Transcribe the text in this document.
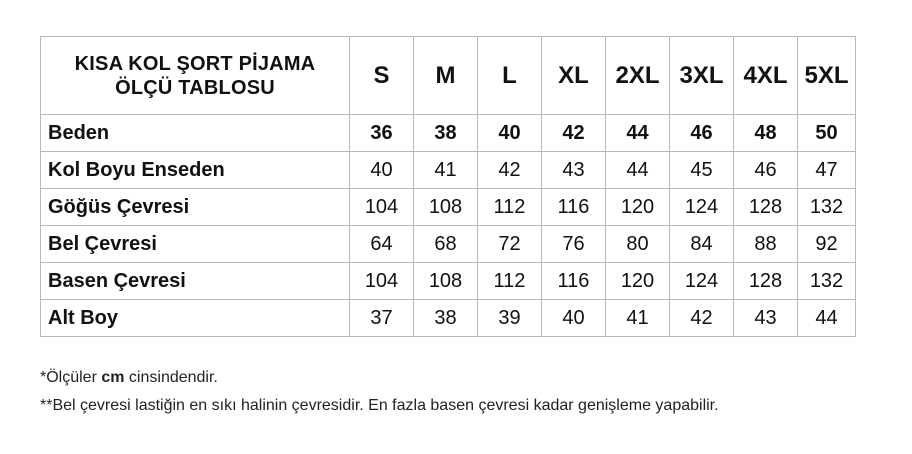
KISA KOL ŞORT PİJAMA
ÖLÇÜ TABLOSU	S	M	L	XL	2XL	3XL	4XL	5XL
Beden	36	38	40	42	44	46	48	50
Kol Boyu Enseden	40	41	42	43	44	45	46	47
Göğüs Çevresi	104	108	112	116	120	124	128	132
Bel Çevresi	64	68	72	76	80	84	88	92
Basen Çevresi	104	108	112	116	120	124	128	132
Alt Boy	37	38	39	40	41	42	43	44
*Ölçüler cm cinsindendir.
**Bel çevresi lastiğin en sıkı halinin çevresidir. En fazla basen çevresi kadar genişleme yapabilir.
